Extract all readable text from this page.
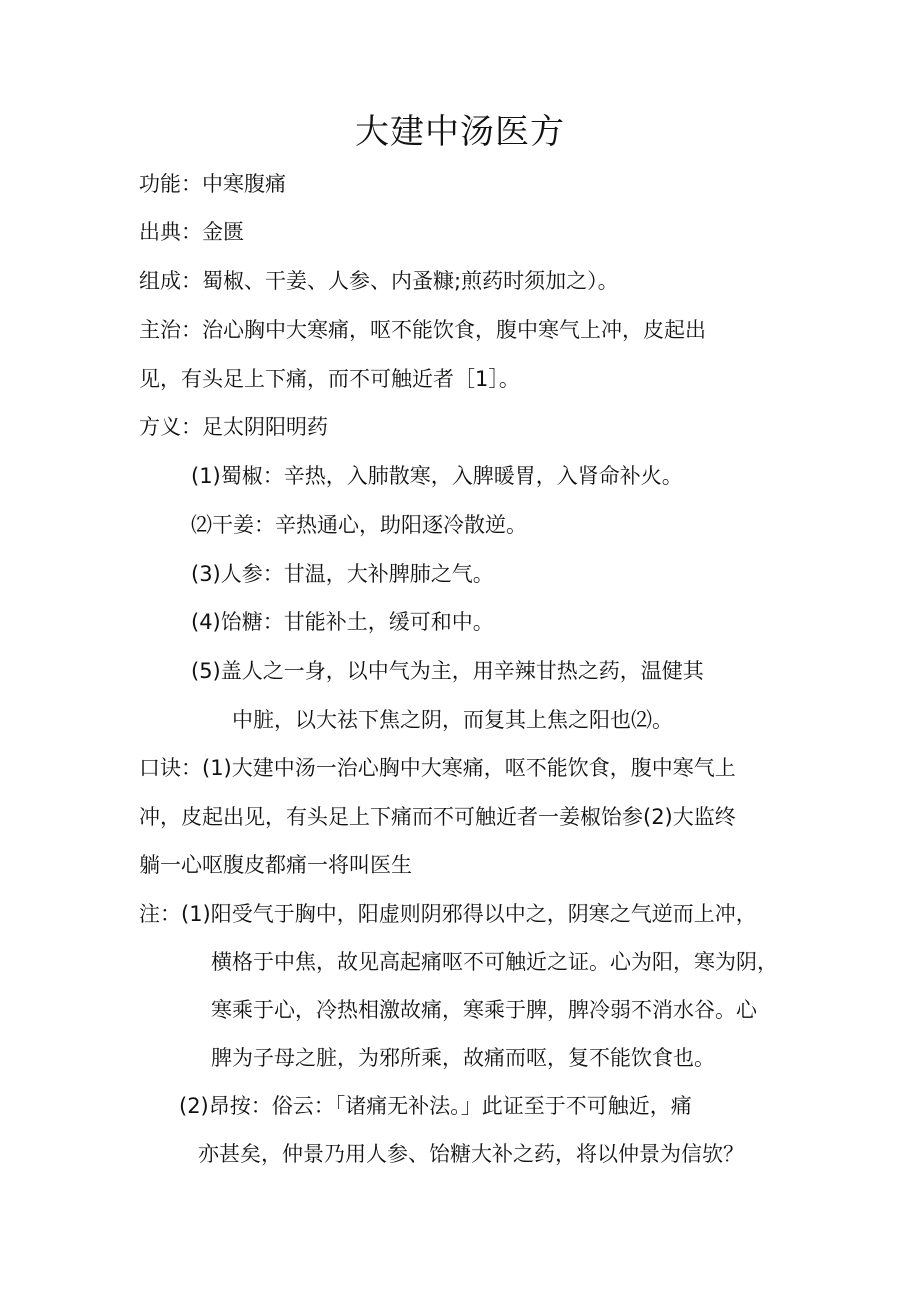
大建中汤医方
功能：中寒腹痛
出典：金匮
组成：蜀椒、干姜、人参、内蚤糠;煎药时须加之）。
主治：治心胸中大寒痛，呕不能饮食，腹中寒气上冲，皮起出
见，有头足上下痛，而不可触近者［1］。
方义：足太阴阳明药
(1)蜀椒：辛热，入肺散寒，入脾暖胃，入肾命补火。
⑵干姜：辛热通心，助阳逐冷散逆。
(3)人参：甘温，大补脾肺之气。
(4)饴糖：甘能补土，缓可和中。
(5)盖人之一身，以中气为主，用辛辣甘热之药，温健其
中脏，以大祛下焦之阴，而复其上焦之阳也⑵。
口诀：(1)大建中汤一治心胸中大寒痛，呕不能饮食，腹中寒气上
冲，皮起出见，有头足上下痛而不可触近者一姜椒饴参(2)大监终
躺一心呕腹皮都痛一将叫医生
注：(1)阳受气于胸中，阳虚则阴邪得以中之，阴寒之气逆而上冲，
横格于中焦，故见高起痛呕不可触近之证。心为阳，寒为阴，
寒乘于心，冷热相激故痛，寒乘于脾，脾冷弱不消水谷。心
脾为子母之脏，为邪所乘，故痛而呕，复不能饮食也。
(2)昂按：俗云：「诸痛无补法。」此证至于不可触近，痛
亦甚矣，仲景乃用人参、饴糖大补之药，将以仲景为信欤？
